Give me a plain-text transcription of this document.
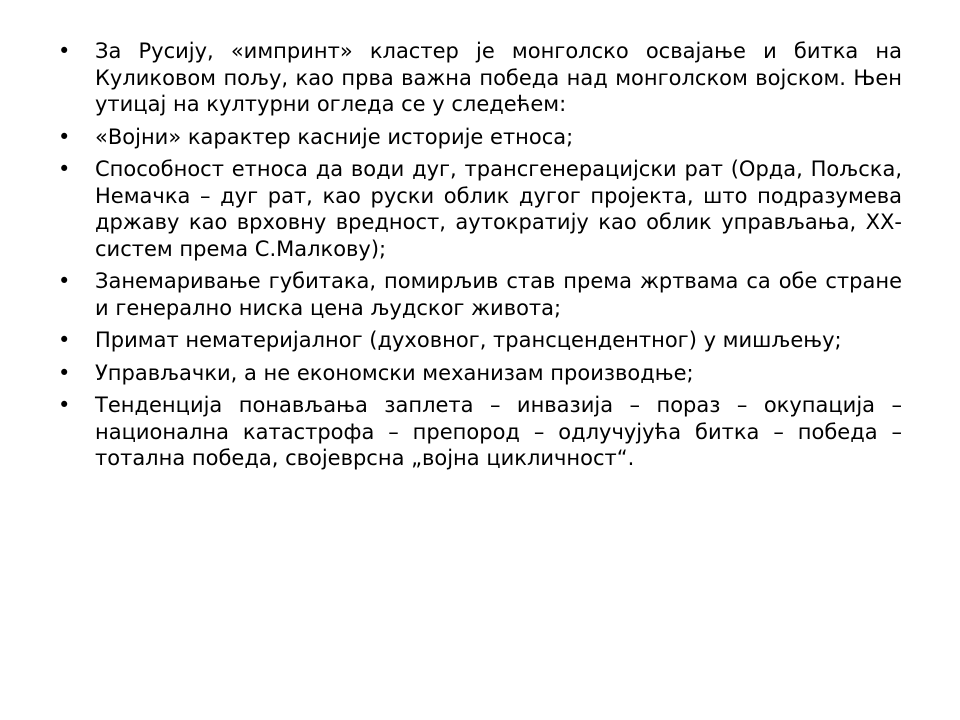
• За Русију, «импринт» кластер је монголско освајање и битка на Куликовом пољу, као прва важна победа над монголском војском. Њен утицај на културни огледа се у следећем:
• «Војни» карактер касније историје етноса;
• Способност етноса да води дуг, трансгенерацијски рат (Орда, Пољска, Немачка – дуг рат, као руски облик дугог пројекта, што подразумева државу као врховну вредност, аутократију као облик управљања, ХХ-систем према С.Малкову);
• Занемаривање губитака, помирљив став према жртвама са обе стране и генерално ниска цена људског живота;
• Примат нематеријалног (духовног, трансцендентног) у мишљењу;
• Управљачки, а не економски механизам производње;
• Тенденција понављања заплета – инвазија – пораз – окупација – национална катастрофа – препород – одлучујућа битка – победа – тотална победа, својеврсна „војна цикличност“.
